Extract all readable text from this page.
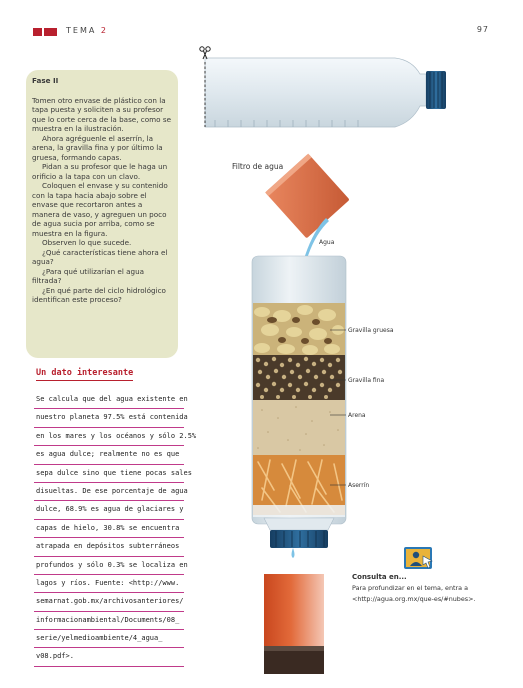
TEMA 2	97
Fase II

Tomen otro envase de plástico con la tapa puesta y soliciten a su profesor que lo corte cerca de la base, como se muestra en la ilustración.

Ahora agréguenle el aserrín, la arena, la gravilla fina y por último la gruesa, formando capas.

Pidan a su profesor que le haga un orificio a la tapa con un clavo.

Coloquen el envase y su contenido con la tapa hacia abajo sobre el envase que recortaron antes a manera de vaso, y agreguen un poco de agua sucia por arriba, como se muestra en la figura.

Observen lo que sucede.

¿Qué características tiene ahora el agua?

¿Para qué utilizarían el agua filtrada?

¿En qué parte del ciclo hidrológico identifican este proceso?

Un dato interesante
Se calcula que del agua existente en
nuestro planeta 97.5% está contenida
en los mares y los océanos y sólo 2.5%
es agua dulce; realmente no es que
sepa dulce sino que tiene pocas sales
disueltas. De ese porcentaje de agua
dulce, 68.9% es agua de glaciares y
capas de hielo, 30.8% se encuentra
atrapada en depósitos subterráneos
profundos y sólo 0.3% se localiza en
lagos y ríos. Fuente: <http://www.
semarnat.gob.mx/archivosanteriores/
informacionambiental/Documents/08_
serie/yelmedioambiente/4_agua_
v08.pdf>.
Filtro de agua
Agua
Gravilla gruesa
Gravilla fina
Arena
Aserrín
Consulta en...
Para profundizar en el tema, entra a
<http://agua.org.mx/que-es/#nubes>.
